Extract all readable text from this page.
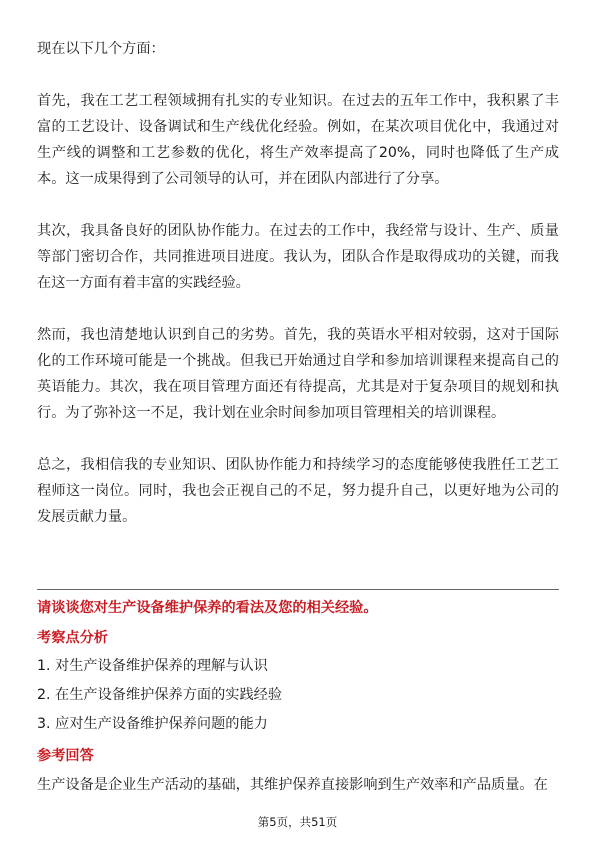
现在以下几个方面：

首先，我在工艺工程领域拥有扎实的专业知识。在过去的五年工作中，我积累了丰富的工艺设计、设备调试和生产线优化经验。例如，在某次项目优化中，我通过对生产线的调整和工艺参数的优化，将生产效率提高了20%，同时也降低了生产成本。这一成果得到了公司领导的认可，并在团队内部进行了分享。

其次，我具备良好的团队协作能力。在过去的工作中，我经常与设计、生产、质量等部门密切合作，共同推进项目进度。我认为，团队合作是取得成功的关键，而我在这一方面有着丰富的实践经验。

然而，我也清楚地认识到自己的劣势。首先，我的英语水平相对较弱，这对于国际化的工作环境可能是一个挑战。但我已开始通过自学和参加培训课程来提高自己的英语能力。其次，我在项目管理方面还有待提高，尤其是对于复杂项目的规划和执行。为了弥补这一不足，我计划在业余时间参加项目管理相关的培训课程。

总之，我相信我的专业知识、团队协作能力和持续学习的态度能够使我胜任工艺工程师这一岗位。同时，我也会正视自己的不足，努力提升自己，以更好地为公司的发展贡献力量。

请谈谈您对生产设备维护保养的看法及您的相关经验。

考察点分析

1. 对生产设备维护保养的理解与认识
2. 在生产设备维护保养方面的实践经验
3. 应对生产设备维护保养问题的能力

参考回答

生产设备是企业生产活动的基础，其维护保养直接影响到生产效率和产品质量。在

第5页，共51页
